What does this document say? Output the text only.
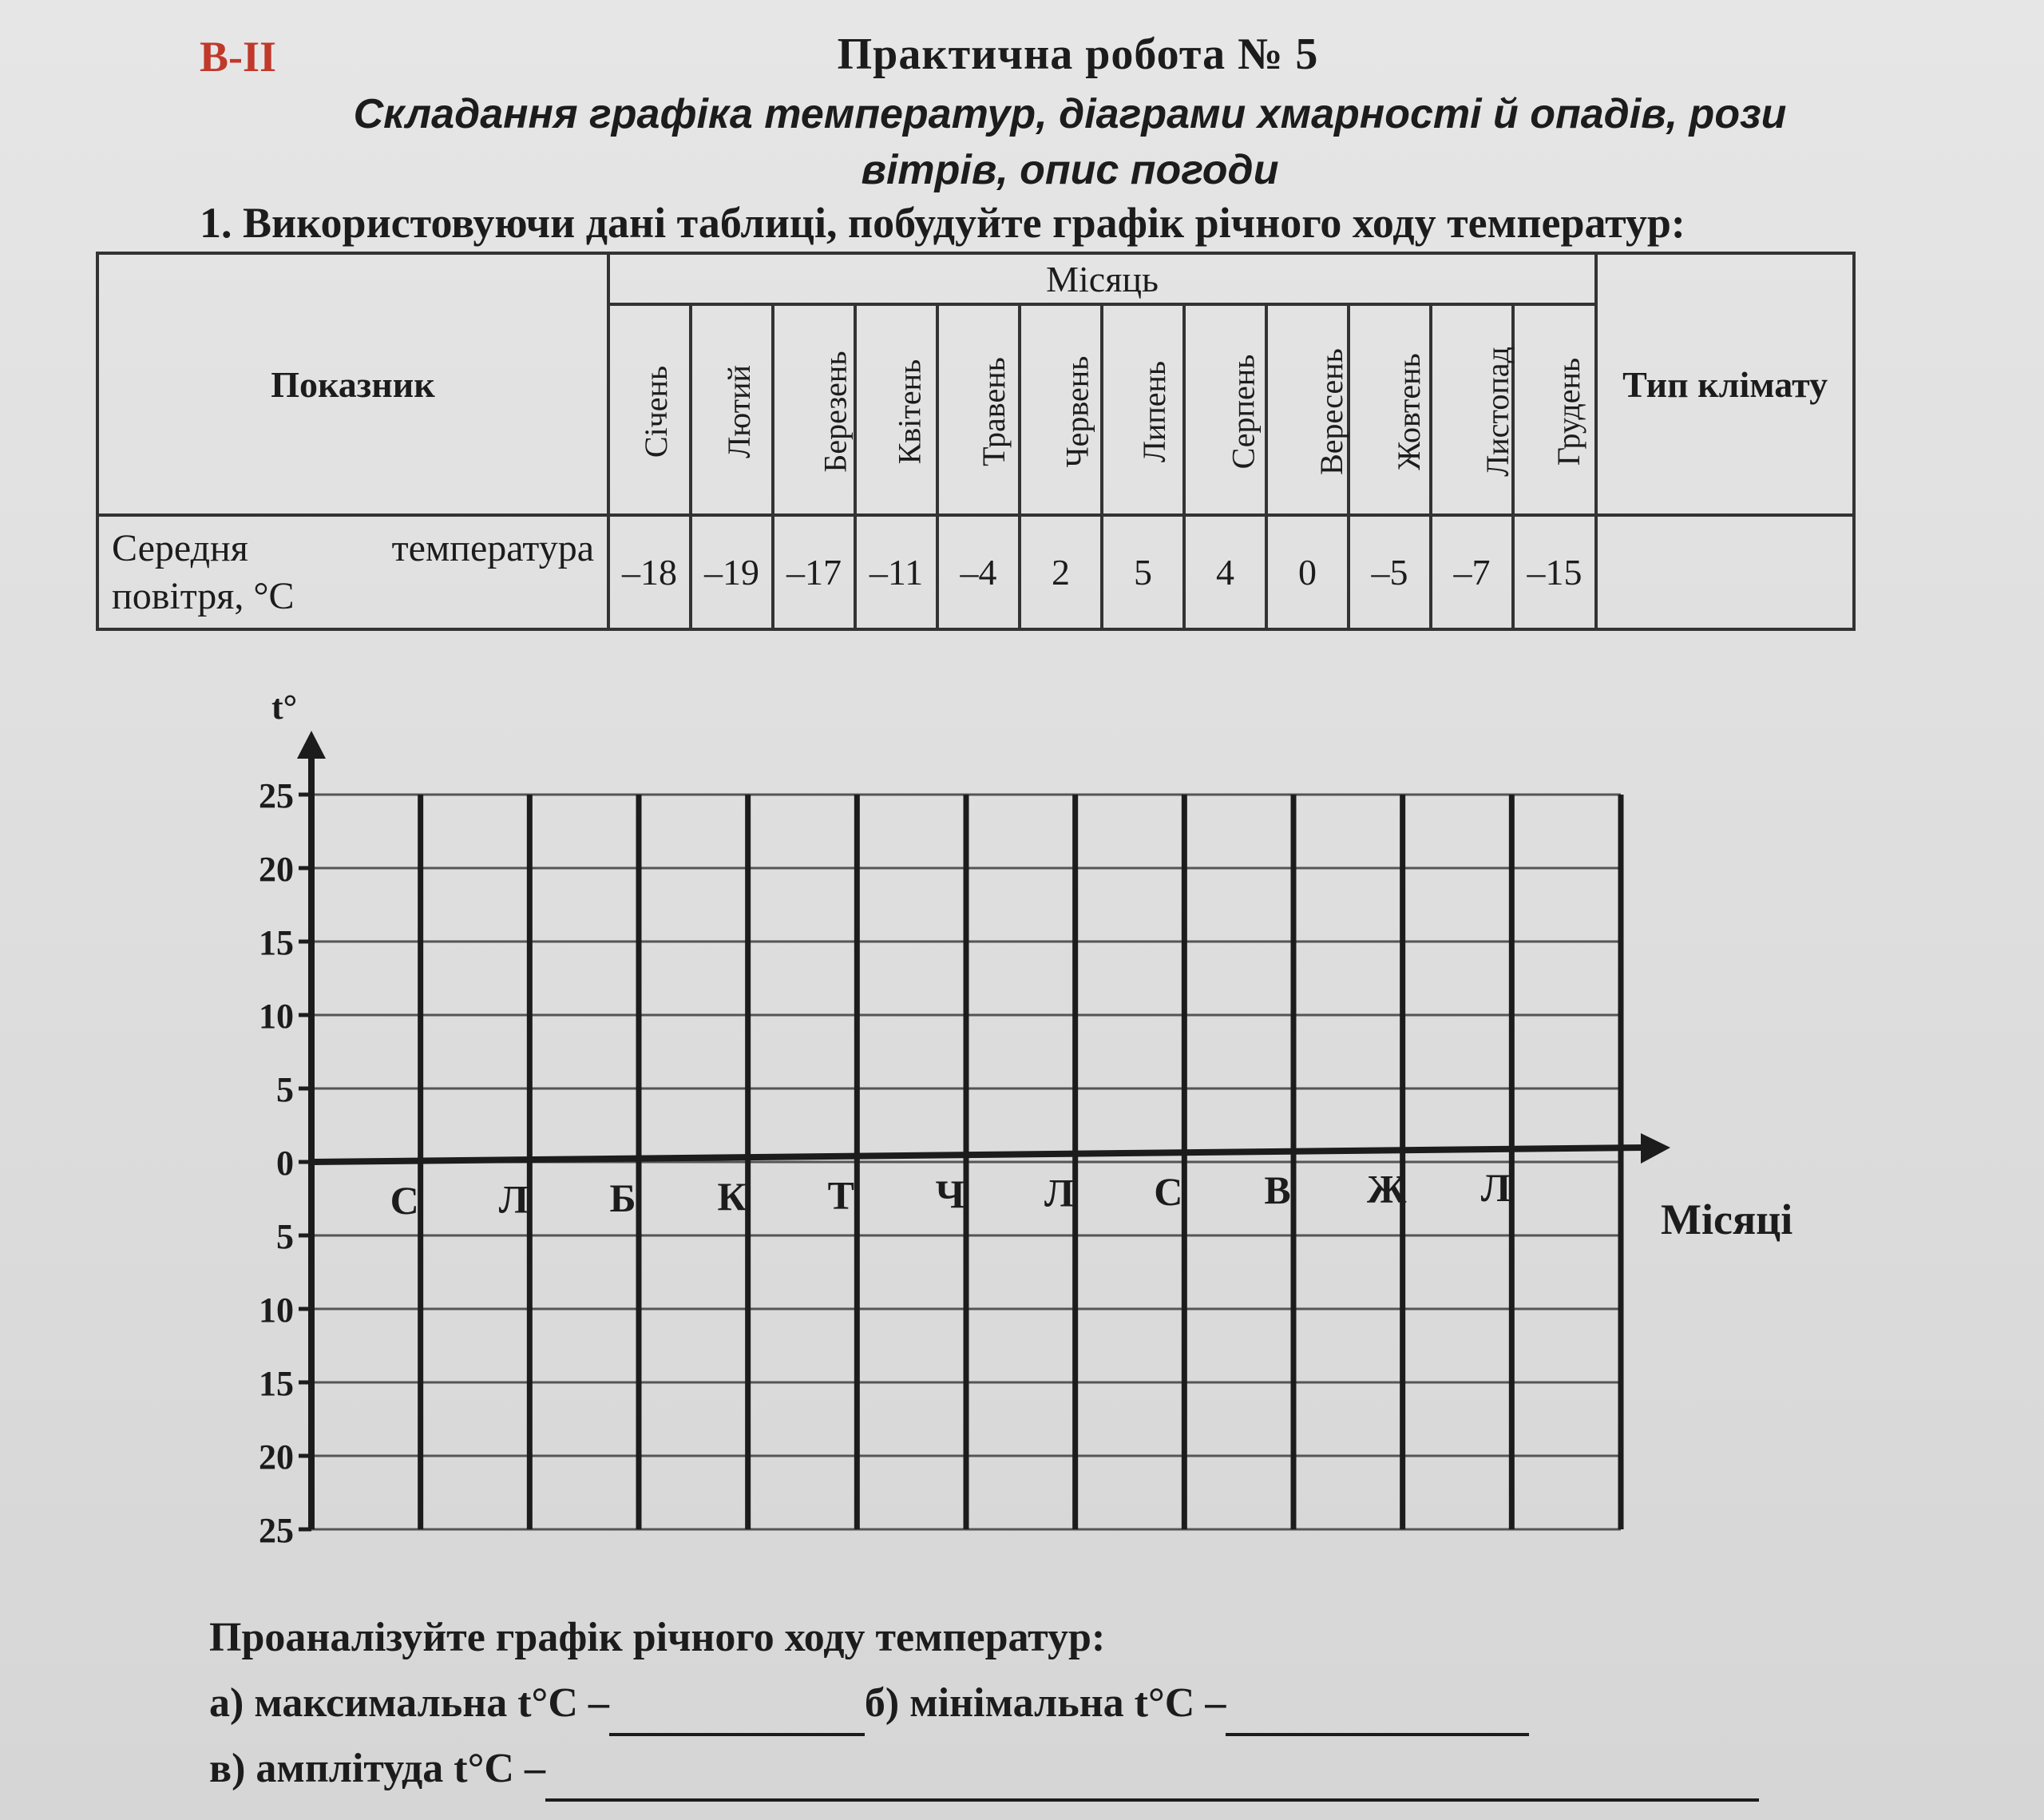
В-ІІ	Практична робота № 5
Складання графіка температур, діаграми хмарності й опадів, рози
вітрів, опис погоди
1. Використовуючи дані таблиці, побудуйте графік річного ходу температур:
Показник	Місяць												Тип клімату
	Січень	Лютий	Березень	Квітень	Травень	Червень	Липень	Серпень	Вересень	Жовтень	Листопад	Грудень	

Середня температура
повітря, °С	–18	–19	–17	–11	–4	2	5	4	0	–5	–7	–15	
25
20
15
10
5
0
5
10
15
20
25
t°
Місяці
С Л Б К Т Ч Л С В Ж Л
Проаналізуйте графік річного ходу температур:
а) максимальна t°C –	б) мінімальна t°C –
в) амплітуда t°C –
